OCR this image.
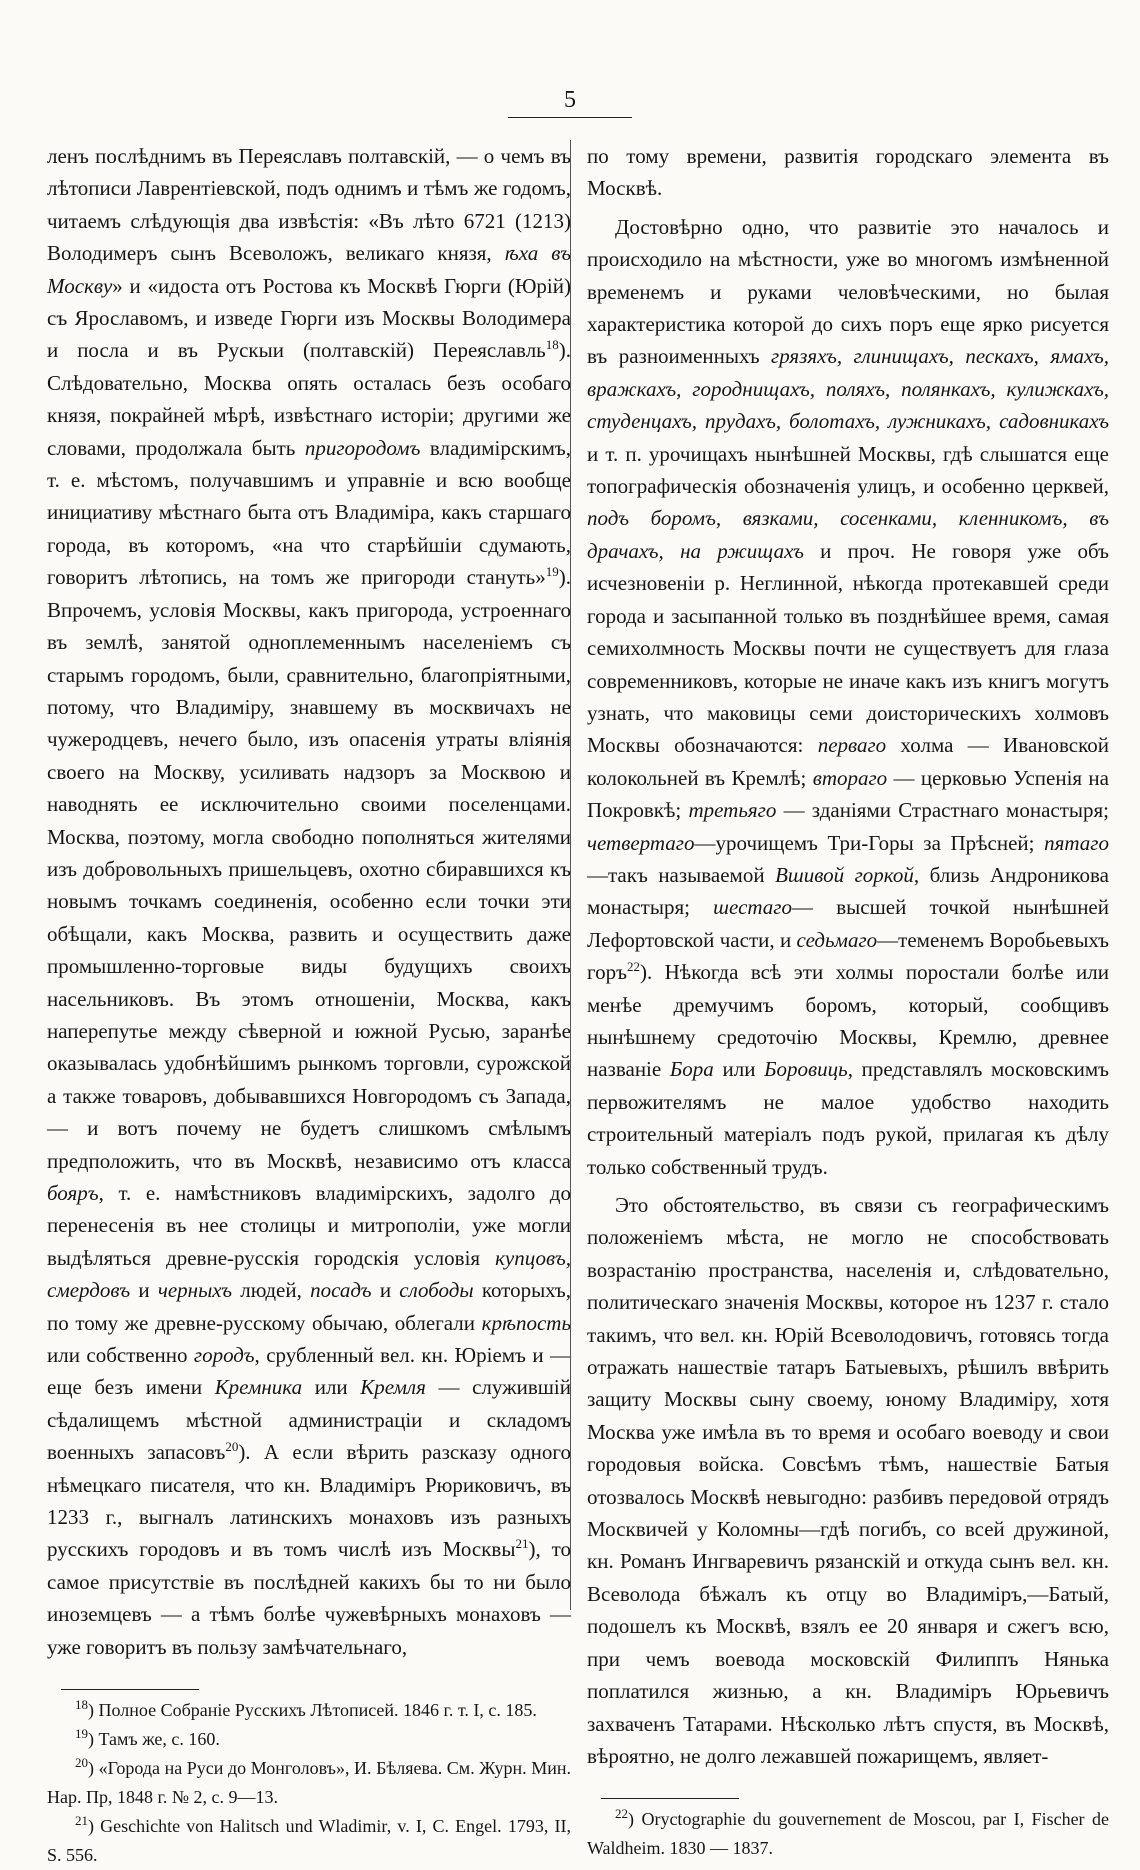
5

ленъ послѣднимъ въ Переяславъ полтавскій, — о чемъ въ лѣтописи Лаврентіевской, подъ однимъ и тѣмъ же годомъ, читаемъ слѣдующія два извѣстія: «Въ лѣто 6721 (1213) Володимеръ сынъ Всеволожъ, великаго князя, ѣха въ Москву» и «идоста отъ Ростова къ Москвѣ Гюрги (Юрій) съ Ярославомъ, и изведе Гюрги изъ Москвы Володимера и посла и въ Рускыи (полтавскій) Переяславль$^{18}$). Слѣдовательно, Москва опять осталась безъ особаго князя, покрайней мѣрѣ, извѣстнаго исторіи; другими же словами, продолжала быть пригородомъ владимірскимъ, т. е. мѣстомъ, получавшимъ и управніе и всю вообще инициативу мѣстнаго быта отъ Владиміра, какъ старшаго города, въ которомъ, «на что старѣйшіи сдумають, говоритъ лѣтопись, на томъ же пригороди стануть»$^{19}$). Впрочемъ, условія Москвы, какъ пригорода, устроеннаго въ землѣ, занятой одноплеменнымъ населеніемъ съ старымъ городомъ, были, сравнительно, благопріятными, потому, что Владиміру, знавшему въ москвичахъ не чужеродцевъ, нечего было, изъ опасенія утраты вліянія своего на Москву, усиливать надзоръ за Москвою и наводнять ее исключительно своими поселенцами. Москва, поэтому, могла свободно пополняться жителями изъ добровольныхъ пришельцевъ, охотно сбиравшихся къ новымъ точкамъ соединенія, особенно если точки эти обѣщали, какъ Москва, развить и осуществить даже промышленно-торговые виды будущихъ своихъ насельниковъ. Въ этомъ отношеніи, Москва, какъ наперепутье между сѣверной и южной Русью, заранѣе оказывалась удобнѣйшимъ рынкомъ торговли, сурожской а также товаровъ, добывавшихся Новгородомъ съ Запада, — и вотъ почему не будетъ слишкомъ смѣлымъ предположить, что въ Москвѣ, независимо отъ класса бояръ, т. е. намѣстниковъ владимірскихъ, задолго до перенесенія въ нее столицы и митрополіи, уже могли выдѣляться древне-русскія городскія условія купцовъ, смердовъ и черныхъ людей, посадъ и слободы которыхъ, по тому же древне-русскому обычаю, облегали крѣпость или собственно городъ, срубленный вел. кн. Юріемъ и — еще безъ имени Кремника или Кремля — служившій сѣдалищемъ мѣстной администраціи и складомъ военныхъ запасовъ$^{20}$). А если вѣрить разсказу одного нѣмецкаго писателя, что кн. Владиміръ Рюриковичъ, въ 1233 г., выгналъ латинскихъ монаховъ изъ разныхъ русскихъ городовъ и въ томъ числѣ изъ Москвы$^{21}$), то самое присутствіе въ послѣдней какихъ бы то ни было иноземцевъ — а тѣмъ болѣе чужевѣрныхъ монаховъ — уже говоритъ въ пользу замѣчательнаго,

$^{18}$) Полное Собраніе Русскихъ Лѣтописей. 1846 г. т. I, с. 185.

$^{19}$) Тамъ же, с. 160.

$^{20}$) «Города на Руси до Монголовъ», И. Бѣляева. См. Журн. Мин. Нар. Пр, 1848 г. № 2, с. 9—13.

$^{21}$) Geschichte von Halitsch und Wladimir, v. I, C. Engel. 1793, II, S. 556.

по тому времени, развитія городскаго элемента въ Москвѣ.

Достовѣрно одно, что развитіе это началось и происходило на мѣстности, уже во многомъ измѣненной временемъ и руками человѣческими, но былая характеристика которой до сихъ поръ еще ярко рисуется въ разноименныхъ грязяхъ, глинищахъ, пескахъ, ямахъ, вражкахъ, городнищахъ, поляхъ, полянкахъ, кулижкахъ, студенцахъ, прудахъ, болотахъ, лужникахъ, садовникахъ и т. п. урочищахъ нынѣшней Москвы, гдѣ слышатся еще топографическія обозначенія улицъ, и особенно церквей, подъ боромъ, вязками, сосенками, кленникомъ, въ драчахъ, на ржищахъ и проч. Не говоря уже объ исчезновеніи р. Неглинной, нѣкогда протекавшей среди города и засыпанной только въ позднѣйшее время, самая семихолмность Москвы почти не существуетъ для глаза современниковъ, которые не иначе какъ изъ книгъ могутъ узнать, что маковицы семи доисторическихъ холмовъ Москвы обозначаются: перваго холма — Ивановской колокольней въ Кремлѣ; втораго — церковью Успенія на Покровкѣ; третьяго — зданіями Страстнаго монастыря; четвертаго—урочищемъ Три-Горы за Прѣсней; пятаго—такъ называемой Вшивой горкой, близь Андроникова монастыря; шестаго— высшей точкой нынѣшней Лефортовской части, и седьмаго—теменемъ Воробьевыхъ горъ$^{22}$). Нѣкогда всѣ эти холмы поростали болѣе или менѣе дремучимъ боромъ, который, сообщивъ нынѣшнему средоточію Москвы, Кремлю, древнее названіе Бора или Боровиць, представлялъ московскимъ первожителямъ не малое удобство находить строительный матеріалъ подъ рукой, прилагая къ дѣлу только собственный трудъ.

Это обстоятельство, въ связи съ географическимъ положеніемъ мѣста, не могло не способствовать возрастанію пространства, населенія и, слѣдовательно, политическаго значенія Москвы, которое нъ 1237 г. стало такимъ, что вел. кн. Юрій Всеволодовичъ, готовясь тогда отражать нашествіе татаръ Батыевыхъ, рѣшилъ ввѣрить защиту Москвы сыну своему, юному Владиміру, хотя Москва уже имѣла въ то время и особаго воеводу и свои городовыя войска. Совсѣмъ тѣмъ, нашествіе Батыя отозвалось Москвѣ невыгодно: разбивъ передовой отрядъ Москвичей у Коломны—гдѣ погибъ, со всей дружиной, кн. Романъ Ингваревичъ рязанскій и откуда сынъ вел. кн. Всеволода бѣжалъ къ отцу во Владиміръ,—Батый, подошелъ къ Москвѣ, взялъ ее 20 января и сжегъ всю, при чемъ воевода московскій Филиппъ Нянька поплатился жизнью, а кн. Владиміръ Юрьевичъ захваченъ Татарами. Нѣсколько лѣтъ спустя, въ Москвѣ, вѣроятно, не долго лежавшей пожарищемъ, являет-

$^{22}$) Oryctographie du gouvernement de Moscou, par I, Fischer de Waldheim. 1830 — 1837.
